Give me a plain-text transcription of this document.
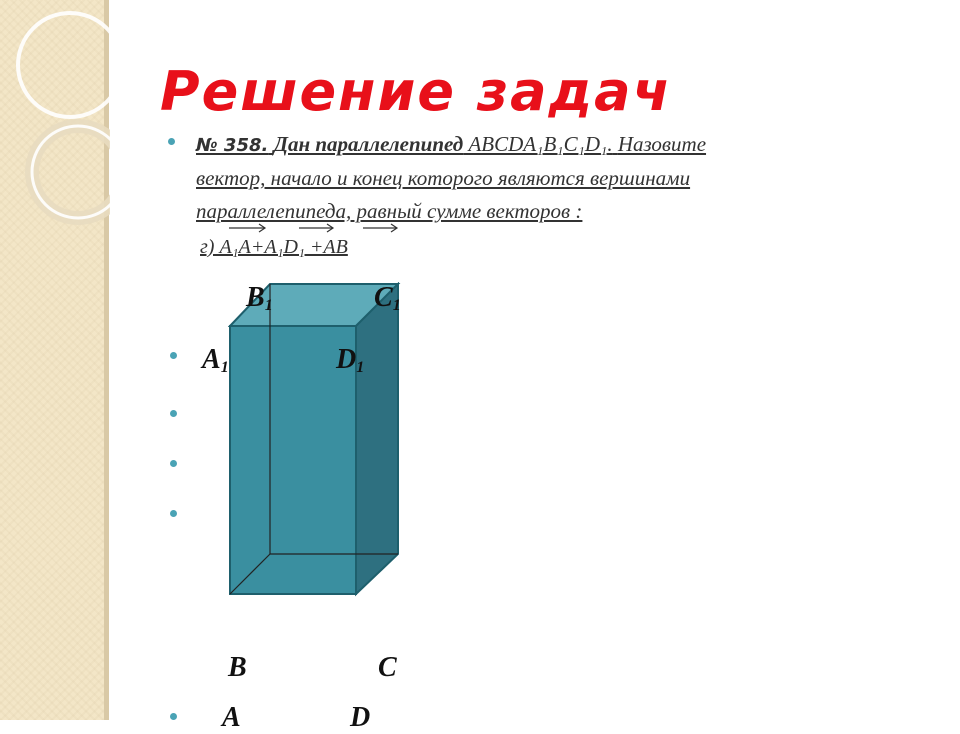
Решение задач
№ 358. Дан параллелепипед ABCDA₁B₁C₁D₁. Назовите
вектор, начало и конец которого являются вершинами
параллелепипеда, равный сумме векторов :
г) A₁A+A₁D₁ +AB
$B_1$	$C_1$
$A_1$	$D_1$
B	C
A	D
